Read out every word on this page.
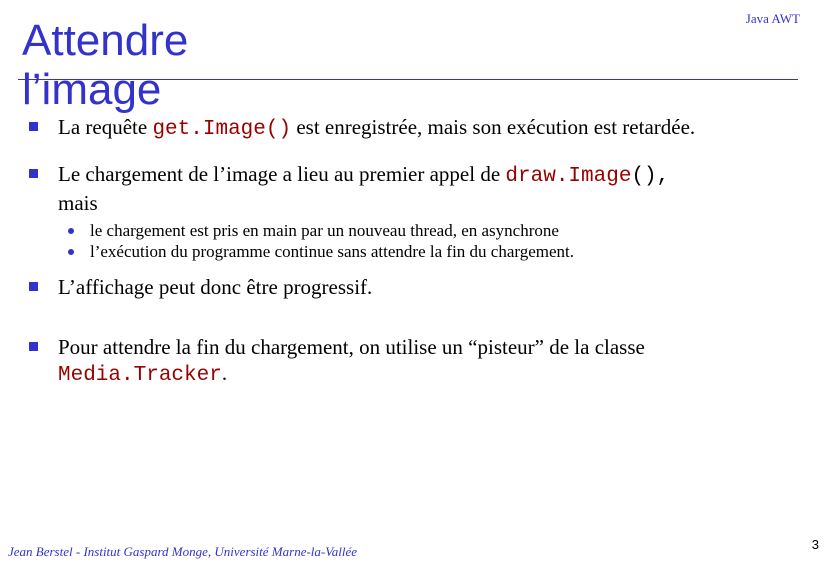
Attendre
l’image
Java AWT
La requête get.Image() est enregistrée, mais son exécution est retardée.
Le chargement de l’image a lieu au premier appel de draw.Image(),
mais
le chargement est pris en main par un nouveau thread, en asynchrone
l’exécution du programme continue sans attendre la fin du chargement.
L’affichage peut donc être progressif.
Pour attendre la fin du chargement, on utilise un “pisteur” de la classe
Media.Tracker.
Jean Berstel - Institut Gaspard Monge, Université Marne-la-Vallée	3
